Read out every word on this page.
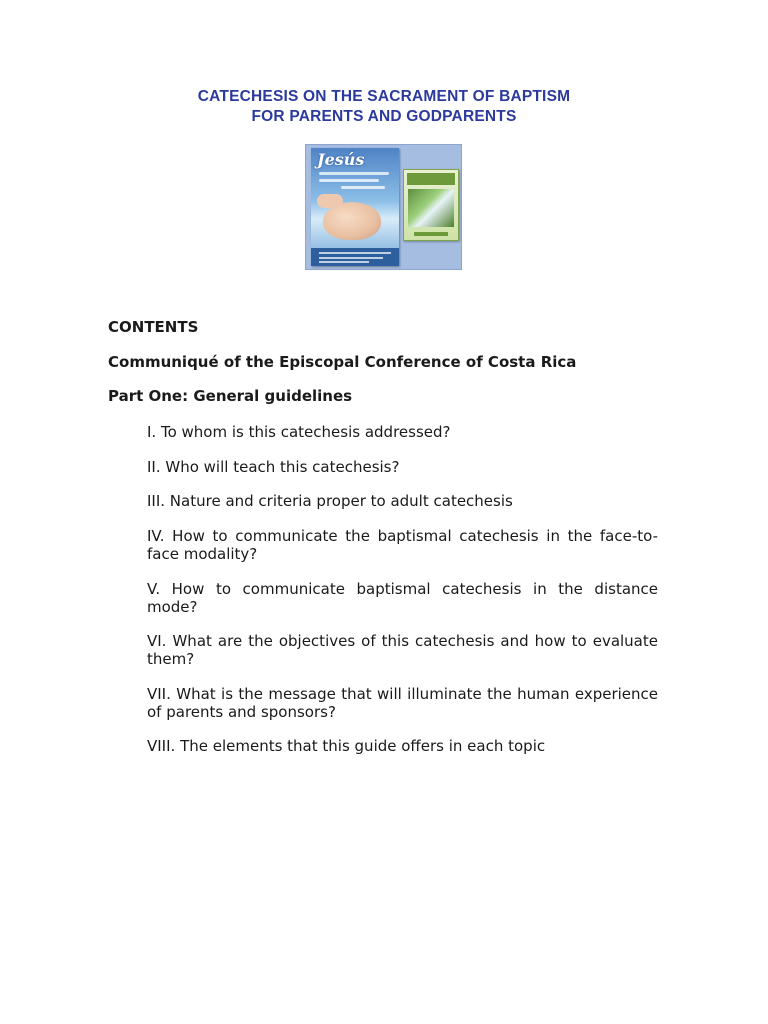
CATECHESIS ON THE SACRAMENT OF BAPTISM
FOR PARENTS AND GODPARENTS
Jesús
CONTENTS
Communiqué of the Episcopal Conference of Costa Rica
Part One: General guidelines
I. To whom is this catechesis addressed?
II. Who will teach this catechesis?
III. Nature and criteria proper to adult catechesis
IV. How to communicate the baptismal catechesis in the face-to-face modality?
V. How to communicate baptismal catechesis in the distance mode?
VI. What are the objectives of this catechesis and how to evaluate them?
VII. What is the message that will illuminate the human experience of parents and sponsors?
VIII. The elements that this guide offers in each topic
